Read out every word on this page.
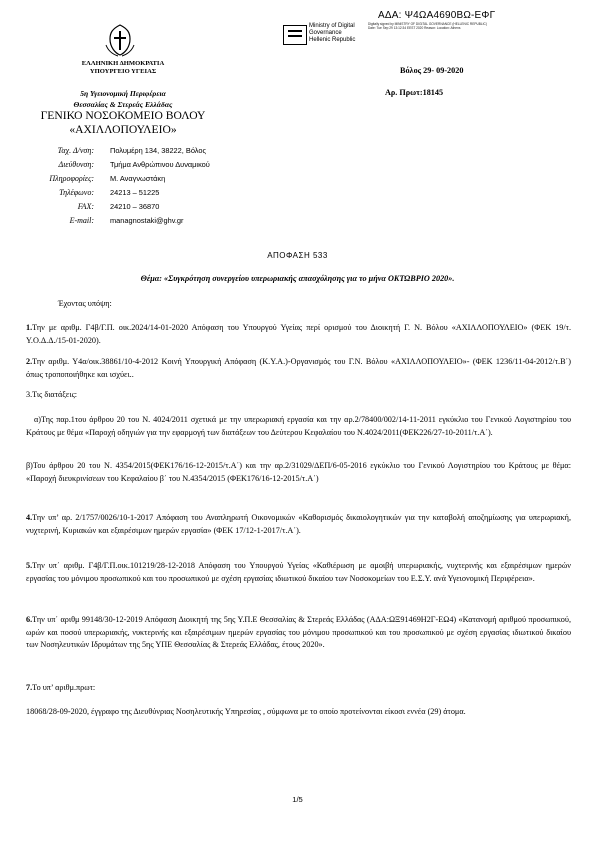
ΑΔΑ: Ψ4ΩΑ4690ΒΩ-ΕΦΓ
Ministry of Digital
Governance
Hellenic Republic
Digitally signed by MINISTRY OF DIGITAL GOVERNANCE (HELLENIC REPUBLIC) Date: Tue Sep 29 13:12:34 EEST 2020 Reason: Location: Athens
ΕΛΛΗΝΙΚΗ ΔΗΜΟΚΡΑΤΙΑ
ΥΠΟΥΡΓΕΙΟ ΥΓΕΙΑΣ
5η Υγειονομική Περιφέρεια
Θεσσαλίας & Στερεάς Ελλάδας
ΓΕΝΙΚΟ ΝΟΣΟΚΟΜΕΙΟ ΒΟΛΟΥ
«ΑΧΙΛΛΟΠΟΥΛΕΙΟ»
Βόλος 29- 09-2020
Αρ. Πρωτ:18145
Ταχ. Δ/νση: Πολυμέρη 134, 38222, Βόλος
Διεύθυνση: Τμήμα Ανθρώπινου Δυναμικού
Πληροφορίες: Μ. Αναγνωστάκη
Τηλέφωνο: 24213 – 51225
FAX: 24210 – 36870
E-mail: managnostaki@ghv.gr
ΑΠΟΦΑΣΗ 533
Θέμα: «Συγκρότηση συνεργείου υπερωριακής απασχόλησης για το μήνα ΟΚΤΩΒΡΙΟ 2020».
Έχοντας υπόψη:
1.Την με αριθμ. Γ4β/Γ.Π. οικ.2024/14-01-2020 Απόφαση του Υπουργού Υγείας περί ορισμού του Διοικητή Γ. Ν. Βόλου «ΑΧΙΛΛΟΠΟΥΛΕΙΟ» (ΦΕΚ 19/τ. Υ.Ο.Δ.Δ./15-01-2020).
2.Την αριθμ. Υ4α/οικ.38861/10-4-2012 Κοινή Υπουργική Απόφαση (Κ.Υ.Α.)-Οργανισμός του Γ.Ν. Βόλου «ΑΧΙΛΛΟΠΟΥΛΕΙΟ»- (ΦΕΚ 1236/11-04-2012/τ.Β΄) όπως τροποποιήθηκε και ισχύει..
3.Τις διατάξεις:
α)Της παρ.1του άρθρου 20 του Ν. 4024/2011 σχετικά με την υπερωριακή εργασία και την αρ.2/78400/002/14-11-2011 εγκύκλιο του Γενικού Λογιστηρίου του Κράτους με θέμα «Παροχή οδηγιών για την εφαρμογή των διατάξεων του Δεύτερου Κεφαλαίου του Ν.4024/2011(ΦΕΚ226/27-10-2011/τ.Α΄).
β)Του άρθρου 20 του Ν. 4354/2015(ΦΕΚ176/16-12-2015/τ.Α΄) και την αρ.2/31029/ΔΕΠ/6-05-2016 εγκύκλιο του Γενικού Λογιστηρίου του Κράτους με θέμα: «Παροχή διευκρινίσεων του Κεφαλαίου β΄ του Ν.4354/2015 (ΦΕΚ176/16-12-2015/τ.Α΄)
4.Την υπ’ αρ. 2/1757/0026/10-1-2017 Απόφαση του Αναπληρωτή Οικονομικών «Καθορισμός δικαιολογητικών για την καταβολή αποζημίωσης για υπερωριακή, νυχτερινή, Κυριακών και εξαιρέσιμων ημερών εργασία» (ΦΕΚ 17/12-1-2017/τ.Α΄).
5.Την υπ΄ αριθμ. Γ4β/Γ.Π.οικ.101219/28-12-2018 Απόφαση του Υπουργού Υγείας «Καθιέρωση με αμοιβή υπερωριακής, νυχτερινής και εξαιρέσιμων ημερών εργασίας του μόνιμου προσωπικού και του προσωπικού με σχέση εργασίας ιδιωτικού δικαίου των Νοσοκομείων του Ε.Σ.Υ. ανά Υγειονομική Περιφέρεια».
6.Την υπ΄ αριθμ 99148/30-12-2019 Απόφαση Διοικητή της 5ης Υ.Π.Ε Θεσσαλίας & Στερεάς Ελλάδας (ΑΔΑ:ΩΞ91469Η2Γ-ΕΩ4) «Κατανομή αριθμού προσωπικού, ωρών και ποσού υπερωριακής, νυκτερινής και εξαιρέσιμων ημερών εργασίας του μόνιμου προσωπικού και του προσωπικού με σχέση εργασίας ιδιωτικού δικαίου των Νοσηλευτικών Ιδρυμάτων της 5ης ΥΠΕ Θεσσαλίας & Στερεάς Ελλάδας, έτους 2020».
7.Το υπ’ αριθμ.πρωτ:
18068/28-09-2020, έγγραφο της Διευθύνριας Νοσηλευτικής Υπηρεσίας , σύμφωνα με το οποίο προτείνονται είκοσι εννέα (29) άτομα.
1/5
